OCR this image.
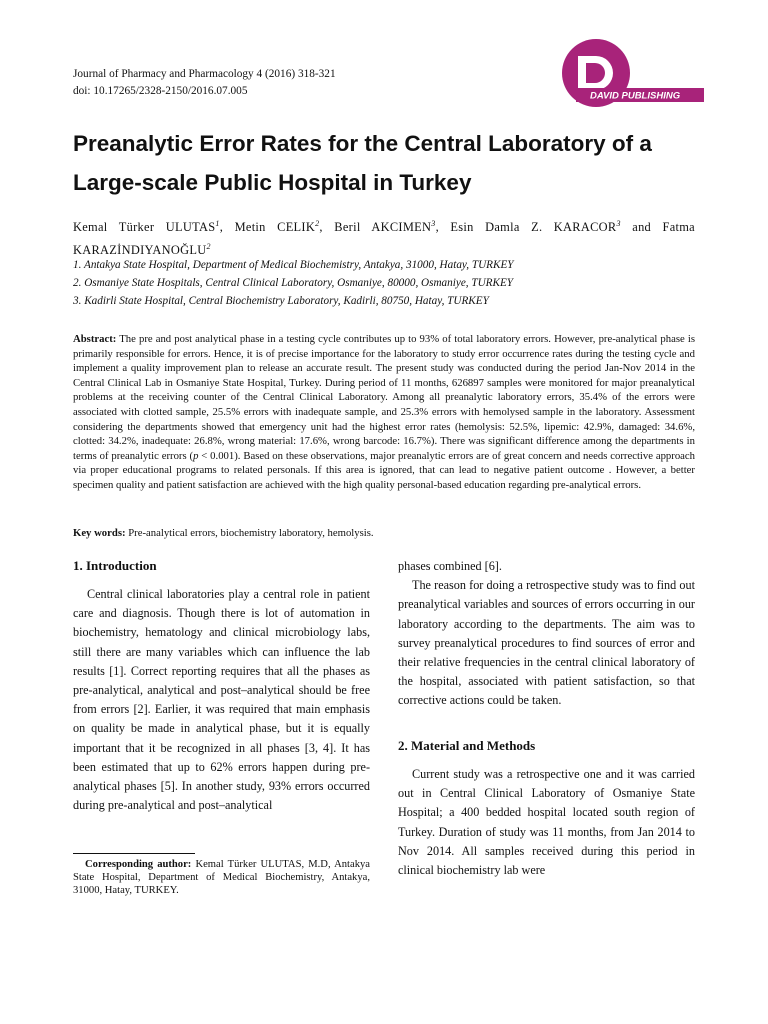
Journal of Pharmacy and Pharmacology 4 (2016) 318-321
doi: 10.17265/2328-2150/2016.07.005	DAVID PUBLISHING
Preanalytic Error Rates for the Central Laboratory of a Large-scale Public Hospital in Turkey
Kemal Türker ULUTAS$^1$, Metin CELIK$^2$, Beril AKCIMEN$^3$, Esin Damla Z. KARACOR$^3$ and Fatma KARAZİNDIYANOĞLU$^2$
1. Antakya State Hospital, Department of Medical Biochemistry, Antakya, 31000, Hatay, TURKEY
2. Osmaniye State Hospitals, Central Clinical Laboratory, Osmaniye, 80000, Osmaniye, TURKEY
3. Kadirli State Hospital, Central Biochemistry Laboratory, Kadirli, 80750, Hatay, TURKEY
Abstract: The pre and post analytical phase in a testing cycle contributes up to 93% of total laboratory errors. However, pre-analytical phase is primarily responsible for errors. Hence, it is of precise importance for the laboratory to study error occurrence rates during the testing cycle and implement a quality improvement plan to release an accurate result. The present study was conducted during the period Jan-Nov 2014 in the Central Clinical Lab in Osmaniye State Hospital, Turkey. During period of 11 months, 626897 samples were monitored for major preanalytical problems at the receiving counter of the Central Clinical Laboratory. Among all preanalytic laboratory errors, 35.4% of the errors were associated with clotted sample, 25.5% errors with inadequate sample, and 25.3% errors with hemolysed sample in the laboratory. Assessment considering the departments showed that emergency unit had the highest error rates (hemolysis: 52.5%, lipemic: 42.9%, damaged: 34.6%, clotted: 34.2%, inadequate: 26.8%, wrong material: 17.6%, wrong barcode: 16.7%). There was significant difference among the departments in terms of preanalytic errors (p < 0.001). Based on these observations, major preanalytic errors are of great concern and needs corrective approach via proper educational programs to related personals. If this area is ignored, that can lead to negative patient outcome . However, a better specimen quality and patient satisfaction are achieved with the high quality personal-based education regarding pre-analytical errors.
Key words: Pre-analytical errors, biochemistry laboratory, hemolysis.
1. Introduction

Central clinical laboratories play a central role in patient care and diagnosis. Though there is lot of automation in biochemistry, hematology and clinical microbiology labs, still there are many variables which can influence the lab results [1]. Correct reporting requires that all the phases as pre-analytical, analytical and post–analytical should be free from errors [2]. Earlier, it was required that main emphasis on quality be made in analytical phase, but it is equally important that it be recognized in all phases [3, 4]. It has been estimated that up to 62% errors happen during pre-analytical phases [5]. In another study, 93% errors occurred during pre-analytical and post–analytical

Corresponding author: Kemal Türker ULUTAS, M.D, Antakya State Hospital, Department of Medical Biochemistry, Antakya, 31000, Hatay, TURKEY.

phases combined [6].

The reason for doing a retrospective study was to find out preanalytical variables and sources of errors occurring in our laboratory according to the departments. The aim was to survey preanalytical procedures to find sources of error and their relative frequencies in the central clinical laboratory of the hospital, associated with patient satisfaction, so that corrective actions could be taken.

2. Material and Methods

Current study was a retrospective one and it was carried out in Central Clinical Laboratory of Osmaniye State Hospital; a 400 bedded hospital located south region of Turkey. Duration of study was 11 months, from Jan 2014 to Nov 2014. All samples received during this period in clinical biochemistry lab were
